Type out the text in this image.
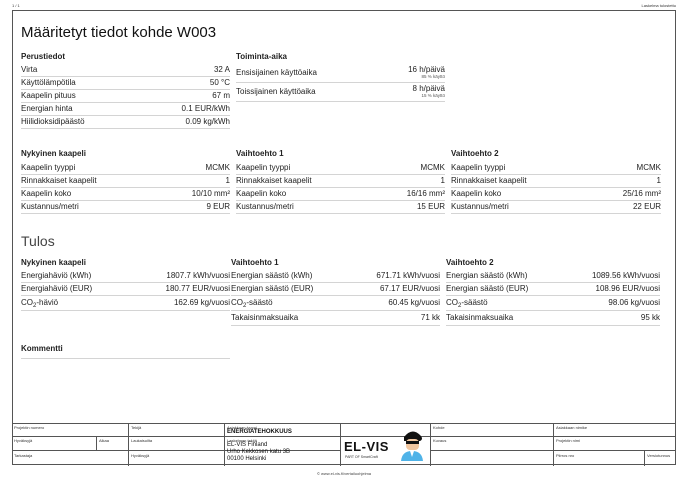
1 / 1	Laskelma tulostettu
Määritetyt tiedot kohde W003
Perustiedot
Virta	32 A
Käyttölämpötila	50 °C
Kaapelin pituus	67 m
Energian hinta	0.1 EUR/kWh
Hiilidioksidipäästö	0.09 kg/kWh
Toiminta-aika
Ensisijainen käyttöaika	16 h/päivä
85 % käyttö
Toissijainen käyttöaika	8 h/päivä
15 % käyttö
Nykyinen kaapeli
Kaapelin tyyppi	MCMK
Rinnakkaiset kaapelit	1
Kaapelin koko	10/10 mm²
Kustannus/metri	9 EUR
Vaihtoehto 1
Kaapelin tyyppi	MCMK
Rinnakkaiset kaapelit	1
Kaapelin koko	16/16 mm²
Kustannus/metri	15 EUR
Vaihtoehto 2
Kaapelin tyyppi	MCMK
Rinnakkaiset kaapelit	1
Kaapelin koko	25/16 mm²
Kustannus/metri	22 EUR
Tulos
Nykyinen kaapeli
Energiahäviö (kWh)	1807.7 kWh/vuosi
Energiahäviö (EUR)	180.77 EUR/vuosi
$CO_2$-häviö	162.69 kg/vuosi
Vaihtoehto 1
Energian säästö (kWh)	671.71 kWh/vuosi
Energian säästö (EUR)	67.17 EUR/vuosi
$CO_2$-säästö	60.45 kg/vuosi
Takaisinmaksuaika	71 kk
Vaihtoehto 2
Energian säästö (kWh)	1089.56 kWh/vuosi
Energian säästö (EUR)	108.96 EUR/vuosi
$CO_2$-säästö	98.06 kg/vuosi
Takaisinmaksuaika	95 kk
Kommentti
Projektin numero	Tekijä	Asiakkaan tyyppi
ENERGIATEHOKKUUS
Kohde	Asiakkaan nimike
Hyväksyjä	Alkaa	Laukaisuilta	Laskelman tekijä
EL-VIS Finland
Urho Kekkosen katu 3B
00100 Helsinki
Kuvaus	Projektin nimi
Tarkastaja	Hyväksyjä	Piirros nro	Versiotunnus
EL-VIS
PART OF SmartCraft
© www.el-vis.fi/vertailuohjelma
